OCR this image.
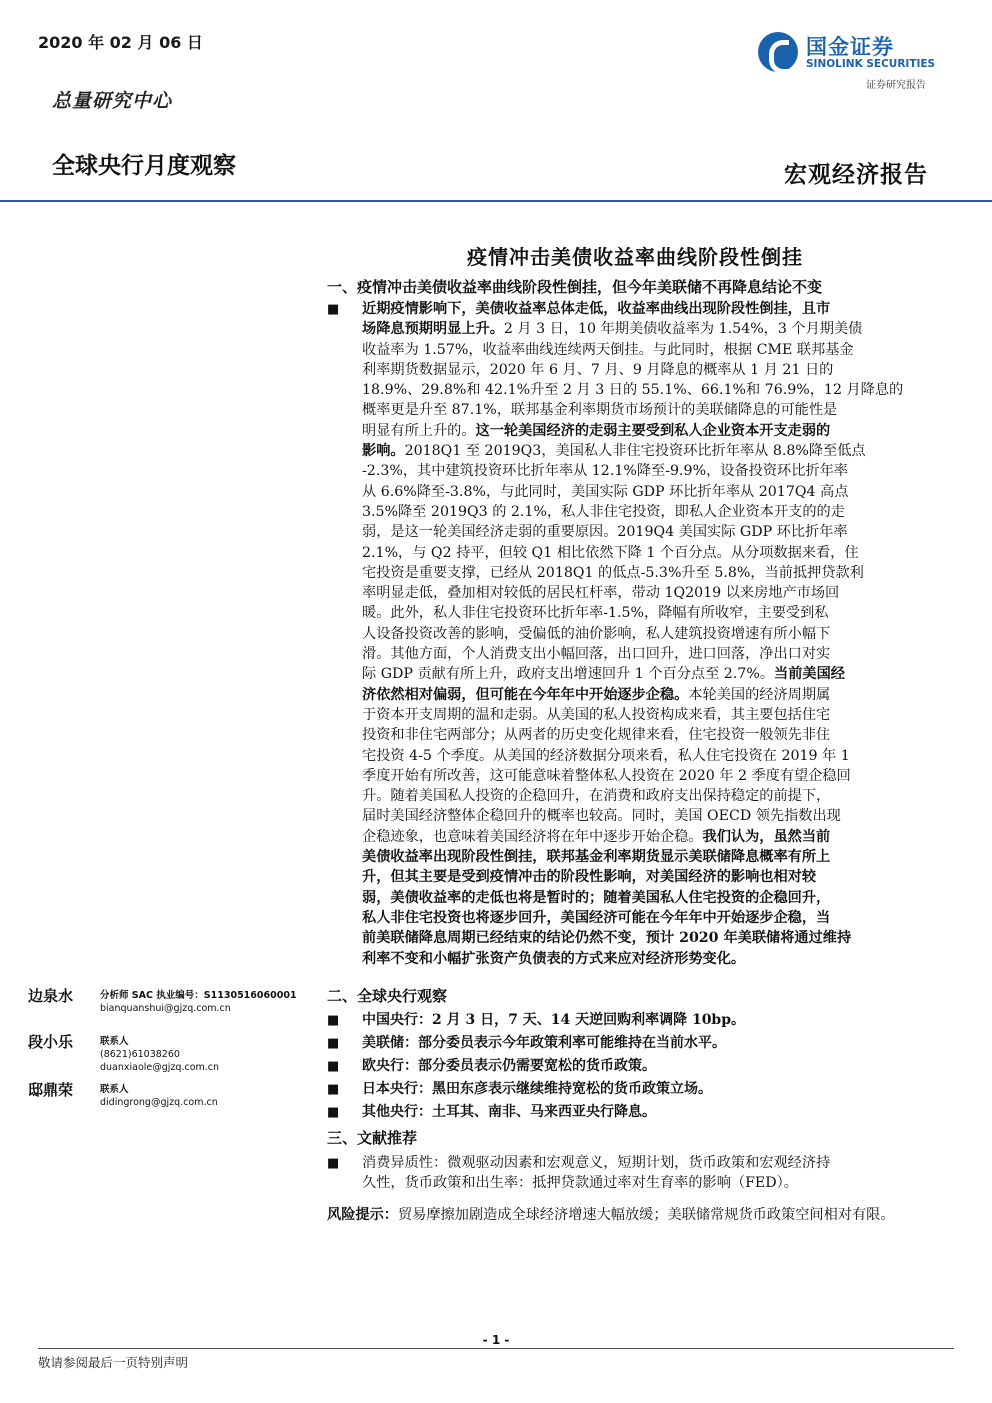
2020 年 02 月 06 日
总量研究中心
全球央行月度观察	宏观经济报告
国金证券
SINOLINK SECURITIES
证券研究报告
疫情冲击美债收益率曲线阶段性倒挂
一、疫情冲击美债收益率曲线阶段性倒挂，但今年美联储不再降息结论不变
■ 近期疫情影响下，美债收益率总体走低，收益率曲线出现阶段性倒挂，且市
场降息预期明显上升。2 月 3 日，10 年期美债收益率为 1.54%，3 个月期美债
收益率为 1.57%，收益率曲线连续两天倒挂。与此同时，根据 CME 联邦基金
利率期货数据显示，2020 年 6 月、7 月、9 月降息的概率从 1 月 21 日的
18.9%、29.8%和 42.1%升至 2 月 3 日的 55.1%、66.1%和 76.9%，12 月降息的
概率更是升至 87.1%，联邦基金利率期货市场预计的美联储降息的可能性是
明显有所上升的。这一轮美国经济的走弱主要受到私人企业资本开支走弱的
影响。2018Q1 至 2019Q3，美国私人非住宅投资环比折年率从 8.8%降至低点
-2.3%，其中建筑投资环比折年率从 12.1%降至-9.9%，设备投资环比折年率
从 6.6%降至-3.8%，与此同时，美国实际 GDP 环比折年率从 2017Q4 高点
3.5%降至 2019Q3 的 2.1%，私人非住宅投资，即私人企业资本开支的的走
弱，是这一轮美国经济走弱的重要原因。2019Q4 美国实际 GDP 环比折年率
2.1%，与 Q2 持平，但较 Q1 相比依然下降 1 个百分点。从分项数据来看，住
宅投资是重要支撑，已经从 2018Q1 的低点-5.3%升至 5.8%，当前抵押贷款利
率明显走低，叠加相对较低的居民杠杆率，带动 1Q2019 以来房地产市场回
暖。此外，私人非住宅投资环比折年率-1.5%，降幅有所收窄，主要受到私
人设备投资改善的影响，受偏低的油价影响，私人建筑投资增速有所小幅下
滑。其他方面，个人消费支出小幅回落，出口回升，进口回落，净出口对实
际 GDP 贡献有所上升，政府支出增速回升 1 个百分点至 2.7%。当前美国经
济依然相对偏弱，但可能在今年年中开始逐步企稳。本轮美国的经济周期属
于资本开支周期的温和走弱。从美国的私人投资构成来看，其主要包括住宅
投资和非住宅两部分；从两者的历史变化规律来看，住宅投资一般领先非住
宅投资 4-5 个季度。从美国的经济数据分项来看，私人住宅投资在 2019 年 1
季度开始有所改善，这可能意味着整体私人投资在 2020 年 2 季度有望企稳回
升。随着美国私人投资的企稳回升，在消费和政府支出保持稳定的前提下，
届时美国经济整体企稳回升的概率也较高。同时，美国 OECD 领先指数出现
企稳迹象，也意味着美国经济将在年中逐步开始企稳。我们认为，虽然当前
美债收益率出现阶段性倒挂，联邦基金利率期货显示美联储降息概率有所上
升，但其主要是受到疫情冲击的阶段性影响，对美国经济的影响也相对较
弱，美债收益率的走低也将是暂时的；随着美国私人住宅投资的企稳回升，
私人非住宅投资也将逐步回升，美国经济可能在今年年中开始逐步企稳，当
前美联储降息周期已经结束的结论仍然不变，预计 2020 年美联储将通过维持
利率不变和小幅扩张资产负债表的方式来应对经济形势变化。
边泉水	分析师 SAC 执业编号：S1130516060001
bianquanshui@gjzq.com.cn
段小乐	联系人
(8621)61038260
duanxiaole@gjzq.com.cn
邸鼎荣	联系人
didingrong@gjzq.com.cn
二、全球央行观察
■ 中国央行：2 月 3 日，7 天、14 天逆回购利率调降 10bp。
■ 美联储：部分委员表示今年政策利率可能维持在当前水平。
■ 欧央行：部分委员表示仍需要宽松的货币政策。
■ 日本央行：黑田东彦表示继续维持宽松的货币政策立场。
■ 其他央行：土耳其、南非、马来西亚央行降息。
三、文献推荐
■ 消费异质性：微观驱动因素和宏观意义，短期计划，货币政策和宏观经济持
久性，货币政策和出生率：抵押贷款通过率对生育率的影响（FED）。
风险提示：贸易摩擦加剧造成全球经济增速大幅放缓；美联储常规货币政策空间相对有限。
- 1 -
敬请参阅最后一页特别声明
